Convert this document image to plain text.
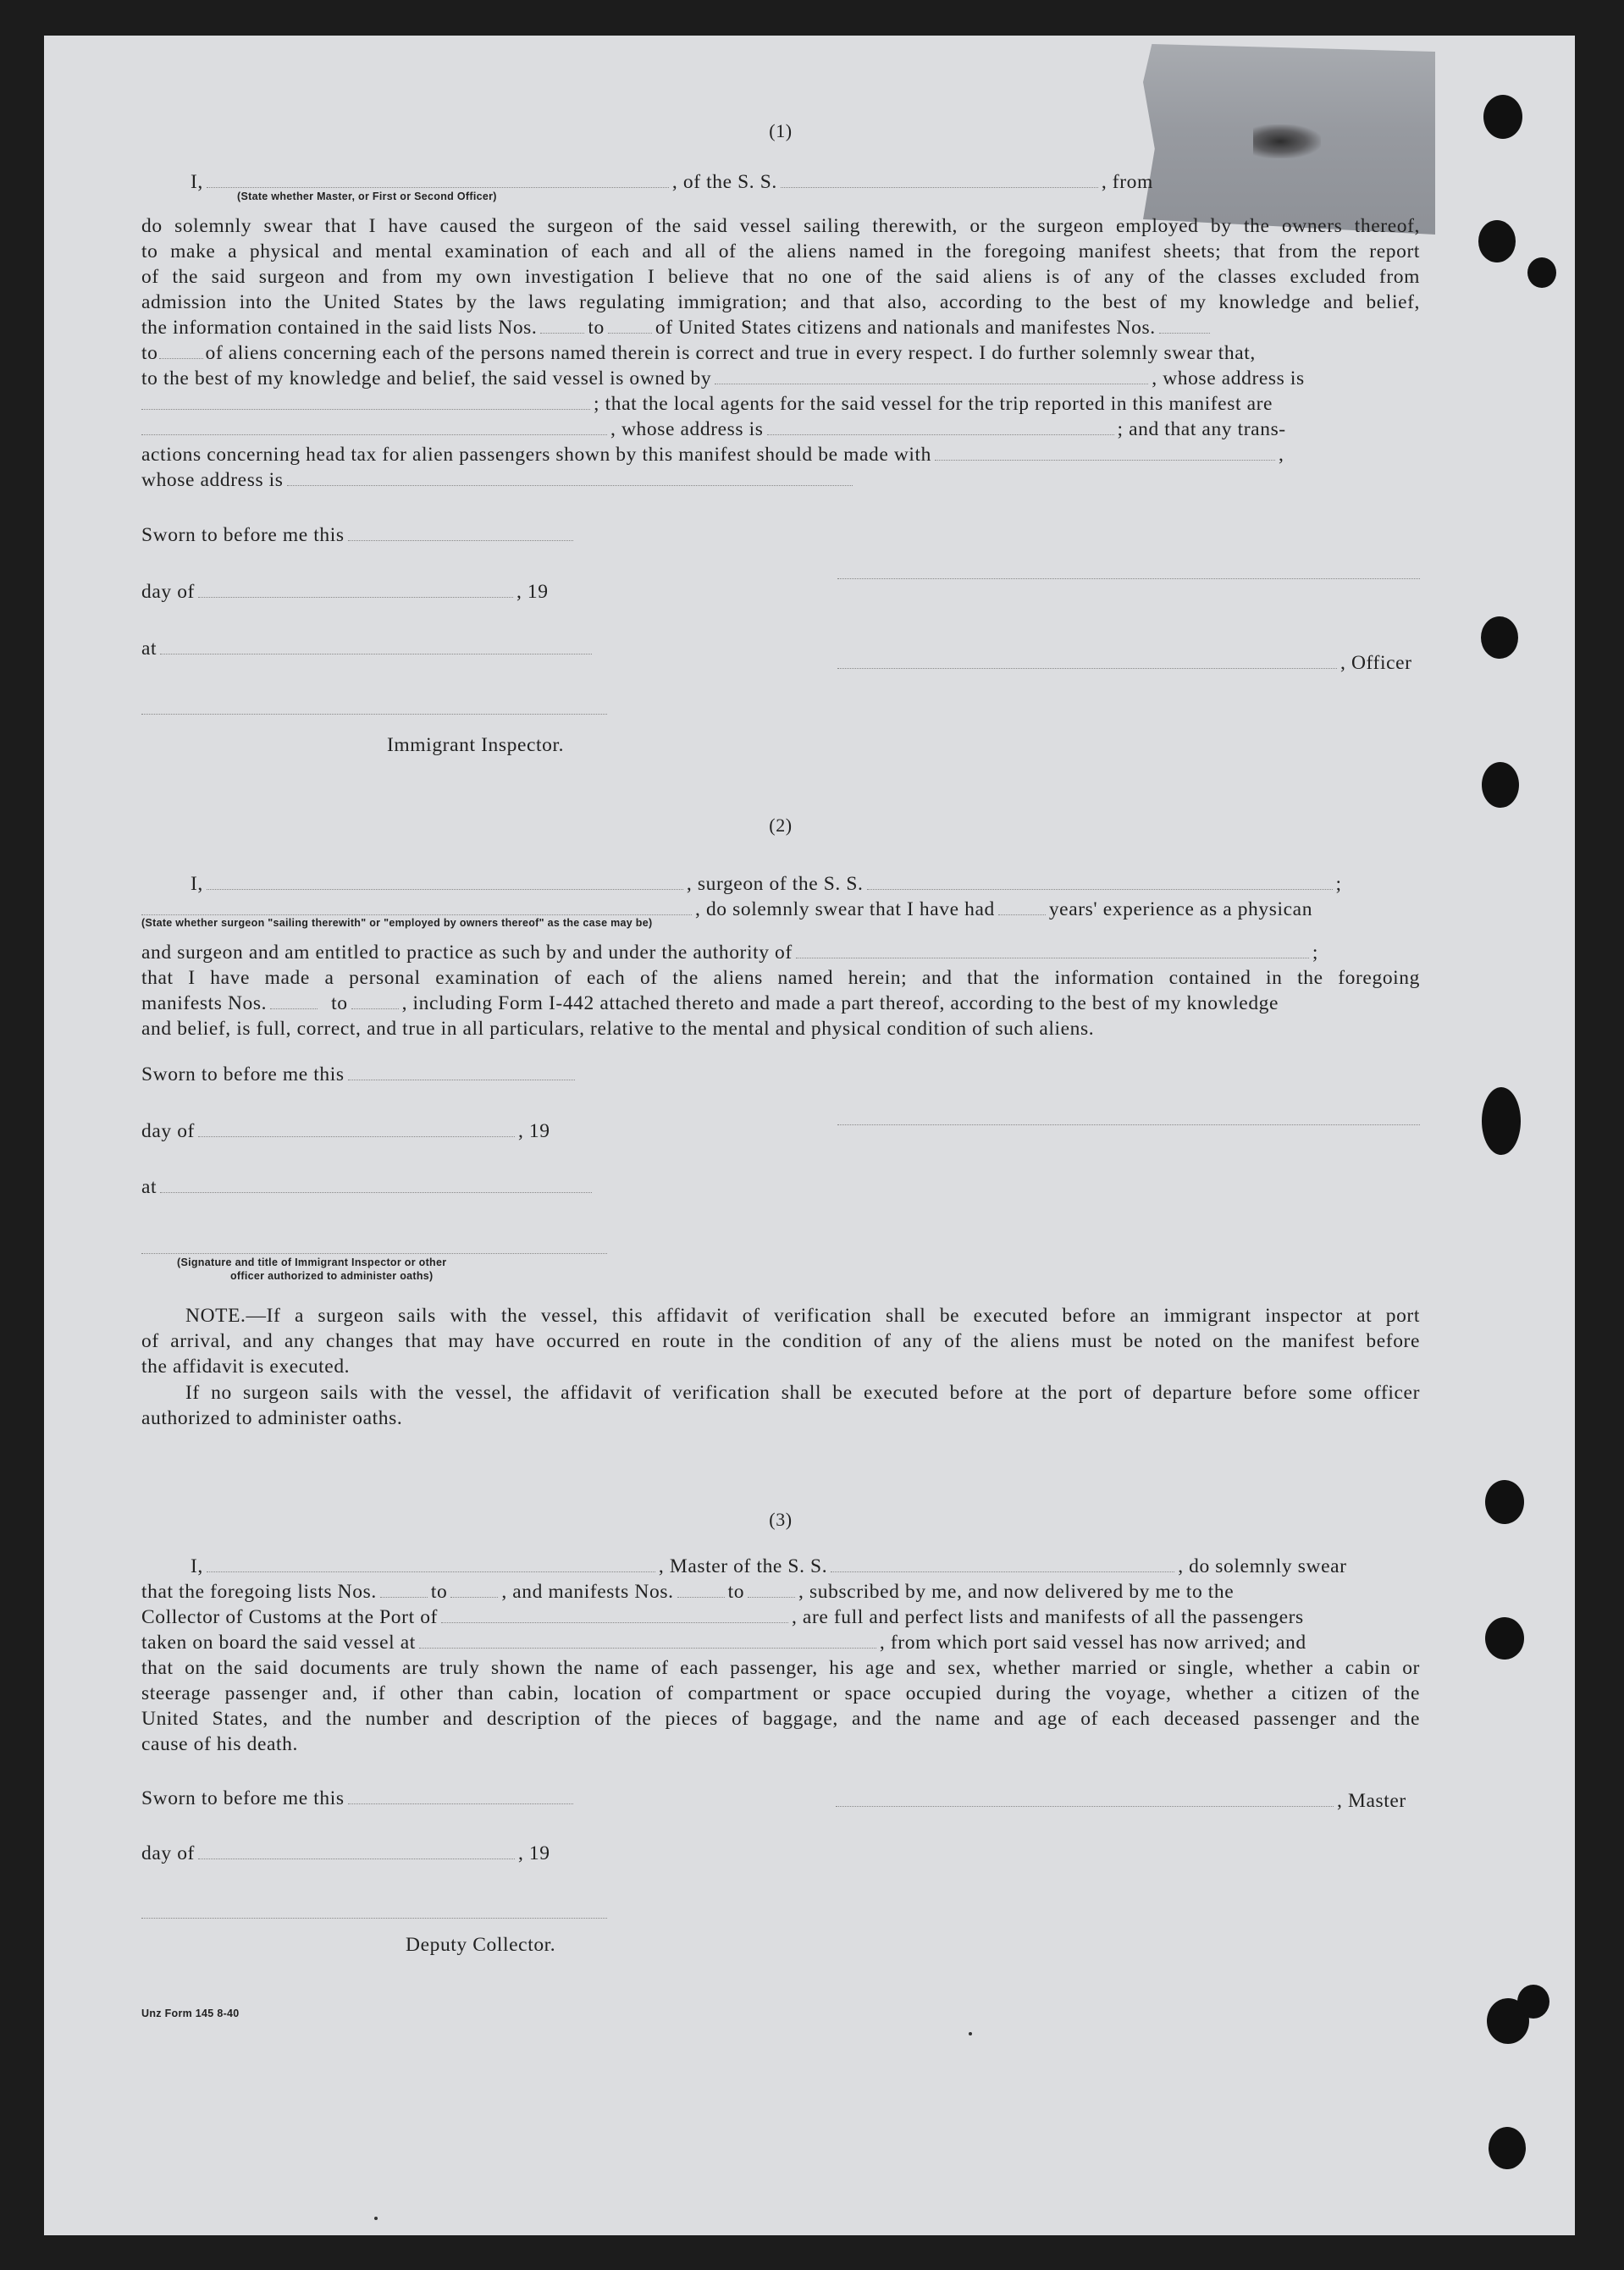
(1)
I,	, of the S. S.	, from
(State whether Master, or First or Second Officer)
do solemnly swear that I have caused the surgeon of the said vessel sailing therewith, or the surgeon employed by the owners thereof,
to make a physical and mental examination of each and all of the aliens named in the foregoing manifest sheets; that from the report
of the said surgeon and from my own investigation I believe that no one of the said aliens is of any of the classes excluded from
admission into the United States by the laws regulating immigration; and that also, according to the best of my knowledge and belief,
the information contained in the said lists Nos.	to	of United States citizens and nationals and manifestes Nos.
to of aliens concerning each of the persons named therein is correct and true in every respect. I do further solemnly swear that,
to the best of my knowledge and belief, the said vessel is owned by	, whose address is
; that the local agents for the said vessel for the trip reported in this manifest are
, whose address is	; and that any trans-
actions concerning head tax for alien passengers shown by this manifest should be made with	,
whose address is
Sworn to before me this
day of	, 19
at
, Officer
Immigrant Inspector.
(2)
I,	, surgeon of the S. S.	;
, do solemnly swear that I have had	years' experience as a physican
(State whether surgeon "sailing therewith" or "employed by owners thereof" as the case may be)
and surgeon and am entitled to practice as such by and under the authority of	;
that I have made a personal examination of each of the aliens named herein; and that the information contained in the foregoing
manifests Nos.	to	, including Form I-442 attached thereto and made a part thereof, according to the best of my knowledge
and belief, is full, correct, and true in all particulars, relative to the mental and physical condition of such aliens.
Sworn to before me this
day of	, 19
at
(Signature and title of Immigrant Inspector or other
officer authorized to administer oaths)
NOTE.—If a surgeon sails with the vessel, this affidavit of verification shall be executed before an immigrant inspector at port
of arrival, and any changes that may have occurred en route in the condition of any of the aliens must be noted on the manifest before
the affidavit is executed.
If no surgeon sails with the vessel, the affidavit of verification shall be executed before at the port of departure before some officer
authorized to administer oaths.
(3)
I,	, Master of the S. S.	, do solemnly swear
that the foregoing lists Nos.	to	, and manifests Nos.	to	, subscribed by me, and now delivered by me to the
Collector of Customs at the Port of	, are full and perfect lists and manifests of all the passengers
taken on board the said vessel at	, from which port said vessel has now arrived; and
that on the said documents are truly shown the name of each passenger, his age and sex, whether married or single, whether a cabin or
steerage passenger and, if other than cabin, location of compartment or space occupied during the voyage, whether a citizen of the
United States, and the number and description of the pieces of baggage, and the name and age of each deceased passenger and the
cause of his death.
Sworn to before me this	, Master
day of	, 19
Deputy Collector.
Unz Form 145 8-40
